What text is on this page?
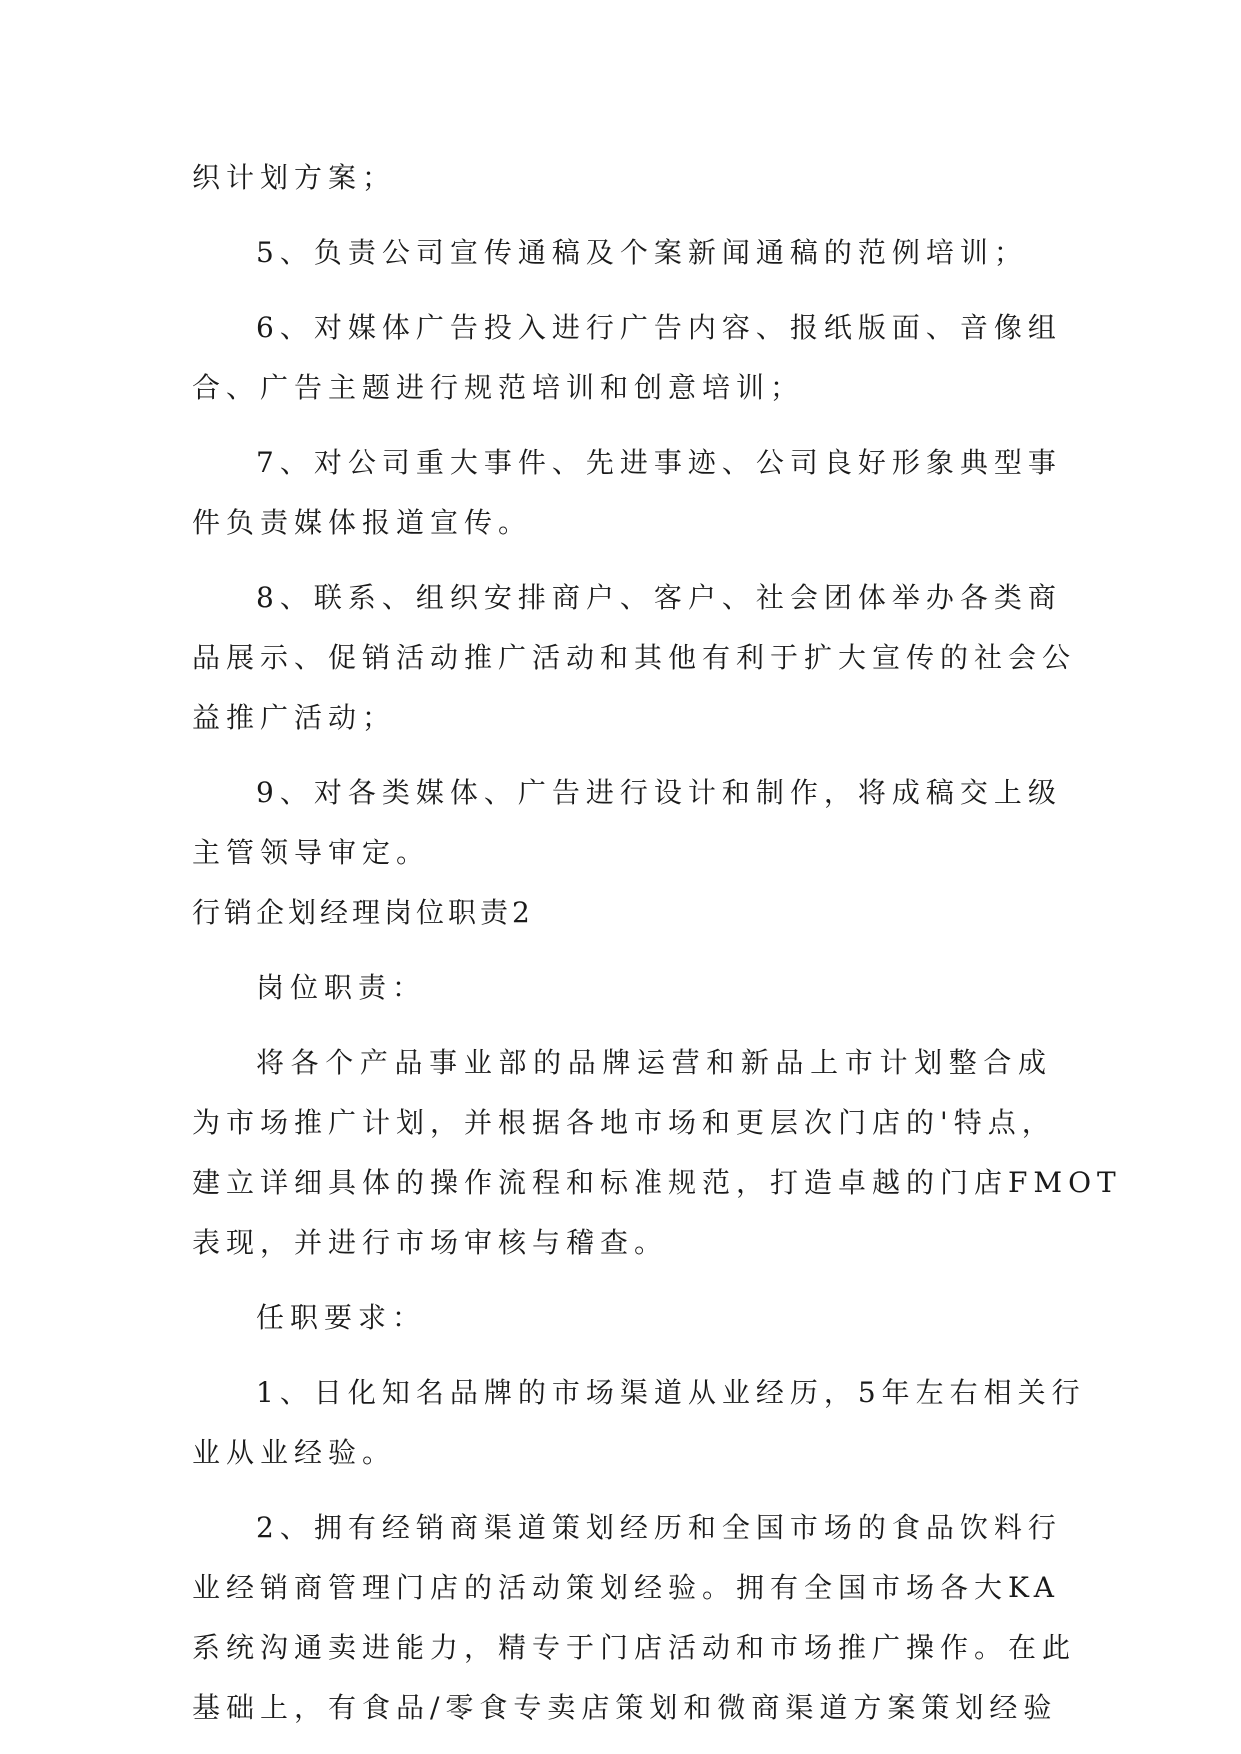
织计划方案；
5、负责公司宣传通稿及个案新闻通稿的范例培训；
6、对媒体广告投入进行广告内容、报纸版面、音像组
合、广告主题进行规范培训和创意培训；
7、对公司重大事件、先进事迹、公司良好形象典型事
件负责媒体报道宣传。
8、联系、组织安排商户、客户、社会团体举办各类商
品展示、促销活动推广活动和其他有利于扩大宣传的社会公
益推广活动；
9、对各类媒体、广告进行设计和制作，将成稿交上级
主管领导审定。
行销企划经理岗位职责2
岗位职责：
将各个产品事业部的品牌运营和新品上市计划整合成
为市场推广计划，并根据各地市场和更层次门店的'特点，
建立详细具体的操作流程和标准规范，打造卓越的门店FMOT
表现，并进行市场审核与稽查。
任职要求：
1、日化知名品牌的市场渠道从业经历，5年左右相关行
业从业经验。
2、拥有经销商渠道策划经历和全国市场的食品饮料行
业经销商管理门店的活动策划经验。拥有全国市场各大KA
系统沟通卖进能力，精专于门店活动和市场推广操作。在此
基础上，有食品/零食专卖店策划和微商渠道方案策划经验
